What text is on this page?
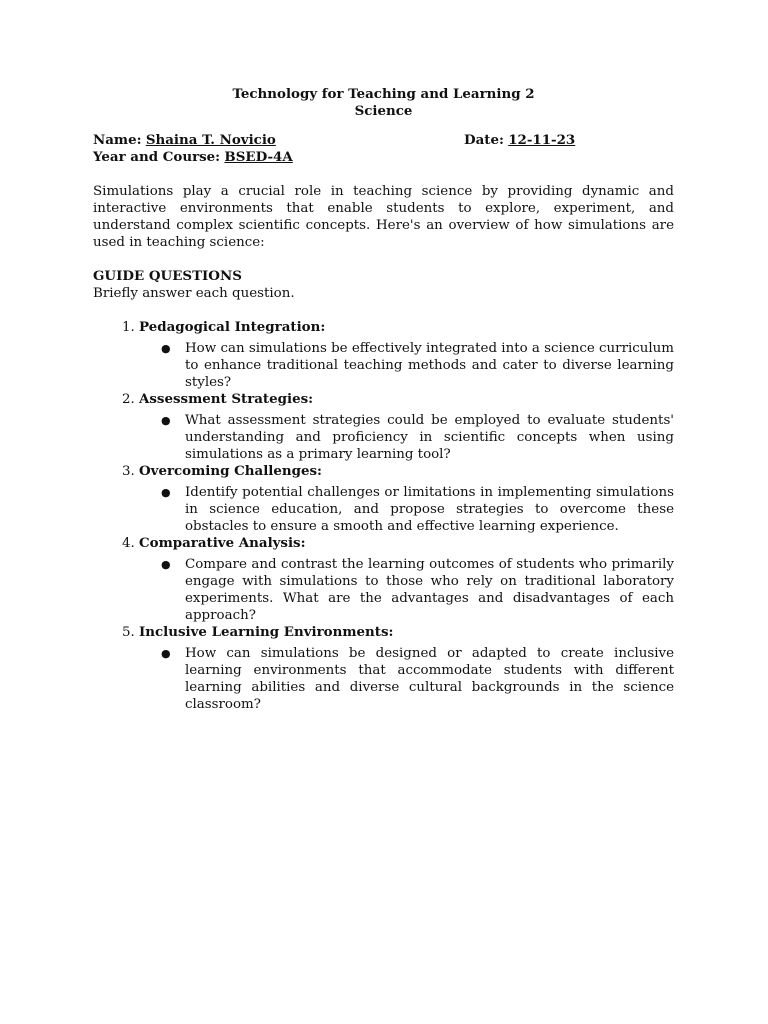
Technology for Teaching and Learning 2
Science
Name: Shaina T. Novicio	Date: 12-11-23
Year and Course: BSED-4A
Simulations play a crucial role in teaching science by providing dynamic and interactive environments that enable students to explore, experiment, and understand complex scientific concepts. Here's an overview of how simulations are used in teaching science:
GUIDE QUESTIONS
Briefly answer each question.
1. Pedagogical Integration:
● How can simulations be effectively integrated into a science curriculum to enhance traditional teaching methods and cater to diverse learning styles?

2. Assessment Strategies:
● What assessment strategies could be employed to evaluate students' understanding and proficiency in scientific concepts when using simulations as a primary learning tool?

3. Overcoming Challenges:
● Identify potential challenges or limitations in implementing simulations in science education, and propose strategies to overcome these obstacles to ensure a smooth and effective learning experience.

4. Comparative Analysis:
● Compare and contrast the learning outcomes of students who primarily engage with simulations to those who rely on traditional laboratory experiments. What are the advantages and disadvantages of each approach?

5. Inclusive Learning Environments:
● How can simulations be designed or adapted to create inclusive learning environments that accommodate students with different learning abilities and diverse cultural backgrounds in the science classroom?
